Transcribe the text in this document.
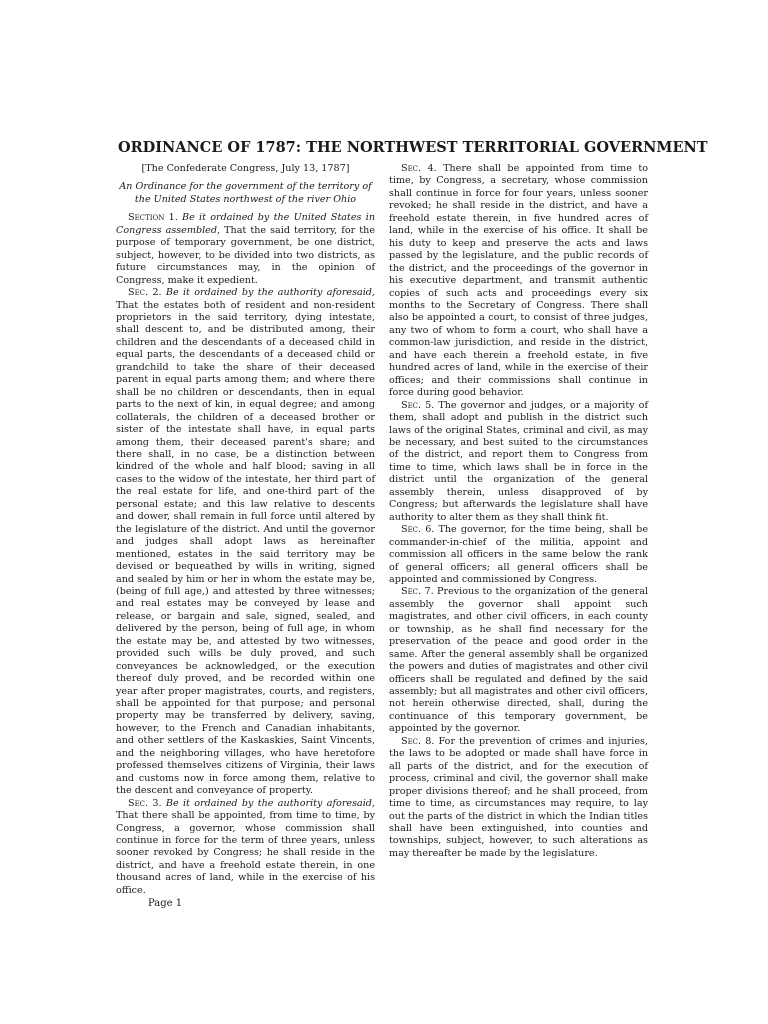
ORDINANCE OF 1787: THE NORTHWEST TERRITORIAL GOVERNMENT

[The Confederate Congress, July 13, 1787]

An Ordinance for the government of the territory of the United States northwest of the river Ohio

Section 1. Be it ordained by the United States in Congress assembled, That the said territory, for the purpose of temporary government, be one district, subject, however, to be divided into two districts, as future circumstances may, in the opinion of Congress, make it expedient.

Sec. 2. Be it ordained by the authority aforesaid, That the estates both of resident and non-resident proprietors in the said territory, dying intestate, shall descent to, and be distributed among, their children and the descendants of a deceased child in equal parts, the descendants of a deceased child or grandchild to take the share of their deceased parent in equal parts among them; and where there shall be no children or descendants, then in equal parts to the next of kin, in equal degree; and among collaterals, the children of a deceased brother or sister of the intestate shall have, in equal parts among them, their deceased parent's share; and there shall, in no case, be a distinction between kindred of the whole and half blood; saving in all cases to the widow of the intestate, her third part of the real estate for life, and one-third part of the personal estate; and this law relative to descents and dower, shall remain in full force until altered by the legislature of the district. And until the governor and judges shall adopt laws as hereinafter mentioned, estates in the said territory may be devised or bequeathed by wills in writing, signed and sealed by him or her in whom the estate may be, (being of full age,) and attested by three witnesses; and real estates may be conveyed by lease and release, or bargain and sale, signed, sealed, and delivered by the person, being of full age, in whom the estate may be, and attested by two witnesses, provided such wills be duly proved, and such conveyances be acknowledged, or the execution thereof duly proved, and be recorded within one year after proper magistrates, courts, and registers, shall be appointed for that purpose; and personal property may be transferred by delivery, saving, however, to the French and Canadian inhabitants, and other settlers of the Kaskaskies, Saint Vincents, and the neighboring villages, who have heretofore professed themselves citizens of Virginia, their laws and customs now in force among them, relative to the descent and conveyance of property.

Sec. 3. Be it ordained by the authority aforesaid, That there shall be appointed, from time to time, by Congress, a governor, whose commission shall continue in force for the term of three years, unless sooner revoked by Congress; he shall reside in the district, and have a freehold estate therein, in one thousand acres of land, while in the exercise of his office.

Sec. 4. There shall be appointed from time to time, by Congress, a secretary, whose commission shall continue in force for four years, unless sooner revoked; he shall reside in the district, and have a freehold estate therein, in five hundred acres of land, while in the exercise of his office. It shall be his duty to keep and preserve the acts and laws passed by the legislature, and the public records of the district, and the proceedings of the governor in his executive department, and transmit authentic copies of such acts and proceedings every six months to the Secretary of Congress. There shall also be appointed a court, to consist of three judges, any two of whom to form a court, who shall have a common-law jurisdiction, and reside in the district, and have each therein a freehold estate, in five hundred acres of land, while in the exercise of their offices; and their commissions shall continue in force during good behavior.

Sec. 5. The governor and judges, or a majority of them, shall adopt and publish in the district such laws of the original States, criminal and civil, as may be necessary, and best suited to the circumstances of the district, and report them to Congress from time to time, which laws shall be in force in the district until the organization of the general assembly therein, unless disapproved of by Congress; but afterwards the legislature shall have authority to alter them as they shall think fit.

Sec. 6. The governor, for the time being, shall be commander-in-chief of the militia, appoint and commission all officers in the same below the rank of general officers; all general officers shall be appointed and commissioned by Congress.

Sec. 7. Previous to the organization of the general assembly the governor shall appoint such magistrates, and other civil officers, in each county or township, as he shall find necessary for the preservation of the peace and good order in the same. After the general assembly shall be organized the powers and duties of magistrates and other civil officers shall be regulated and defined by the said assembly; but all magistrates and other civil officers, not herein otherwise directed, shall, during the continuance of this temporary government, be appointed by the governor.

Sec. 8. For the prevention of crimes and injuries, the laws to be adopted or made shall have force in all parts of the district, and for the execution of process, criminal and civil, the governor shall make proper divisions thereof; and he shall proceed, from time to time, as circumstances may require, to lay out the parts of the district in which the Indian titles shall have been extinguished, into counties and townships, subject, however, to such alterations as may thereafter be made by the legislature.

Page 1
